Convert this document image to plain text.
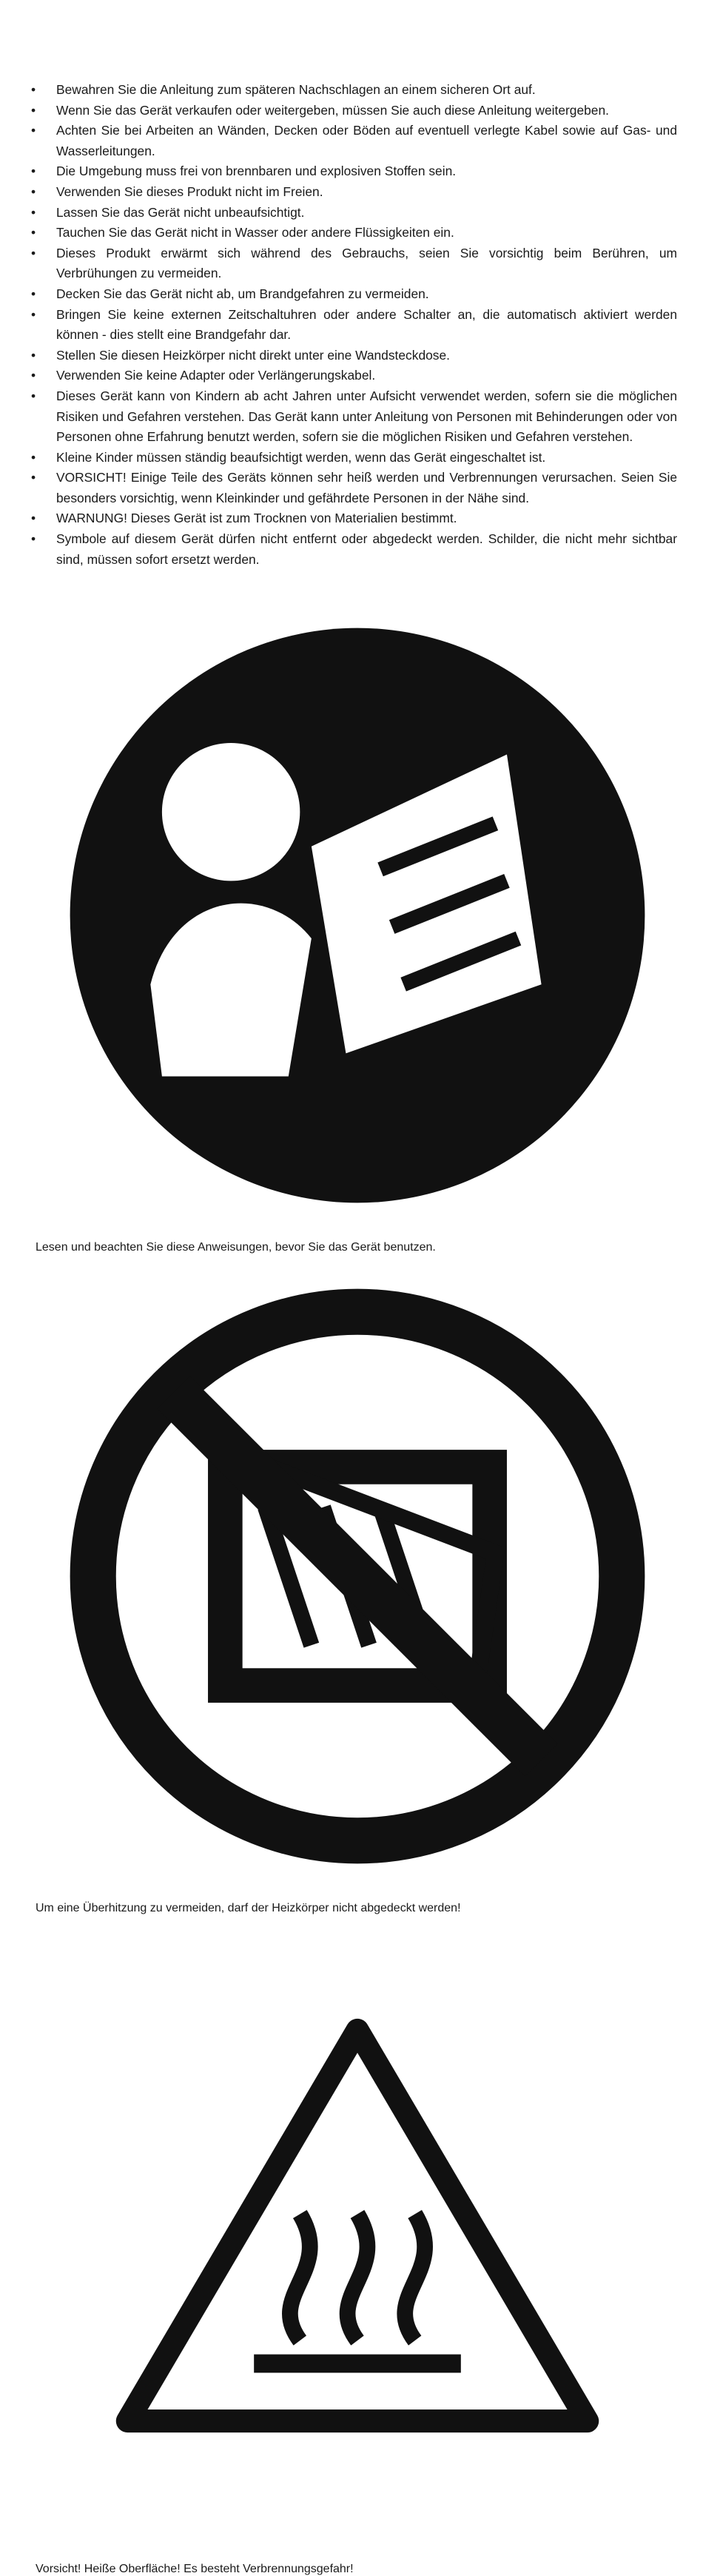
• Bewahren Sie die Anleitung zum späteren Nachschlagen an einem sicheren Ort auf.
• Wenn Sie das Gerät verkaufen oder weitergeben, müssen Sie auch diese Anleitung weitergeben.
• Achten Sie bei Arbeiten an Wänden, Decken oder Böden auf eventuell verlegte Kabel sowie auf Gas- und Wasserleitungen.
• Die Umgebung muss frei von brennbaren und explosiven Stoffen sein.
• Verwenden Sie dieses Produkt nicht im Freien.
• Lassen Sie das Gerät nicht unbeaufsichtigt.
• Tauchen Sie das Gerät nicht in Wasser oder andere Flüssigkeiten ein.
• Dieses Produkt erwärmt sich während des Gebrauchs, seien Sie vorsichtig beim Berühren, um Verbrühungen zu vermeiden.
• Decken Sie das Gerät nicht ab, um Brandgefahren zu vermeiden.
• Bringen Sie keine externen Zeitschaltuhren oder andere Schalter an, die automatisch aktiviert werden können - dies stellt eine Brandgefahr dar.
• Stellen Sie diesen Heizkörper nicht direkt unter eine Wandsteckdose.
• Verwenden Sie keine Adapter oder Verlängerungskabel.
• Dieses Gerät kann von Kindern ab acht Jahren unter Aufsicht verwendet werden, sofern sie die möglichen Risiken und Gefahren verstehen. Das Gerät kann unter Anleitung von Personen mit Behinderungen oder von Personen ohne Erfahrung benutzt werden, sofern sie die möglichen Risiken und Gefahren verstehen.
• Kleine Kinder müssen ständig beaufsichtigt werden, wenn das Gerät eingeschaltet ist.
• VORSICHT! Einige Teile des Geräts können sehr heiß werden und Verbrennungen verursachen. Seien Sie besonders vorsichtig, wenn Kleinkinder und gefährdete Personen in der Nähe sind.
• WARNUNG! Dieses Gerät ist zum Trocknen von Materialien bestimmt.
• Symbole auf diesem Gerät dürfen nicht entfernt oder abgedeckt werden. Schilder, die nicht mehr sichtbar sind, müssen sofort ersetzt werden.
Lesen und beachten Sie diese Anweisungen, bevor Sie das Gerät benutzen.  Um eine Überhitzung zu vermeiden, darf der Heizkörper nicht abgedeckt werden!  Vorsicht! Heiße Oberfläche! Es besteht Verbrennungsgefahr!
